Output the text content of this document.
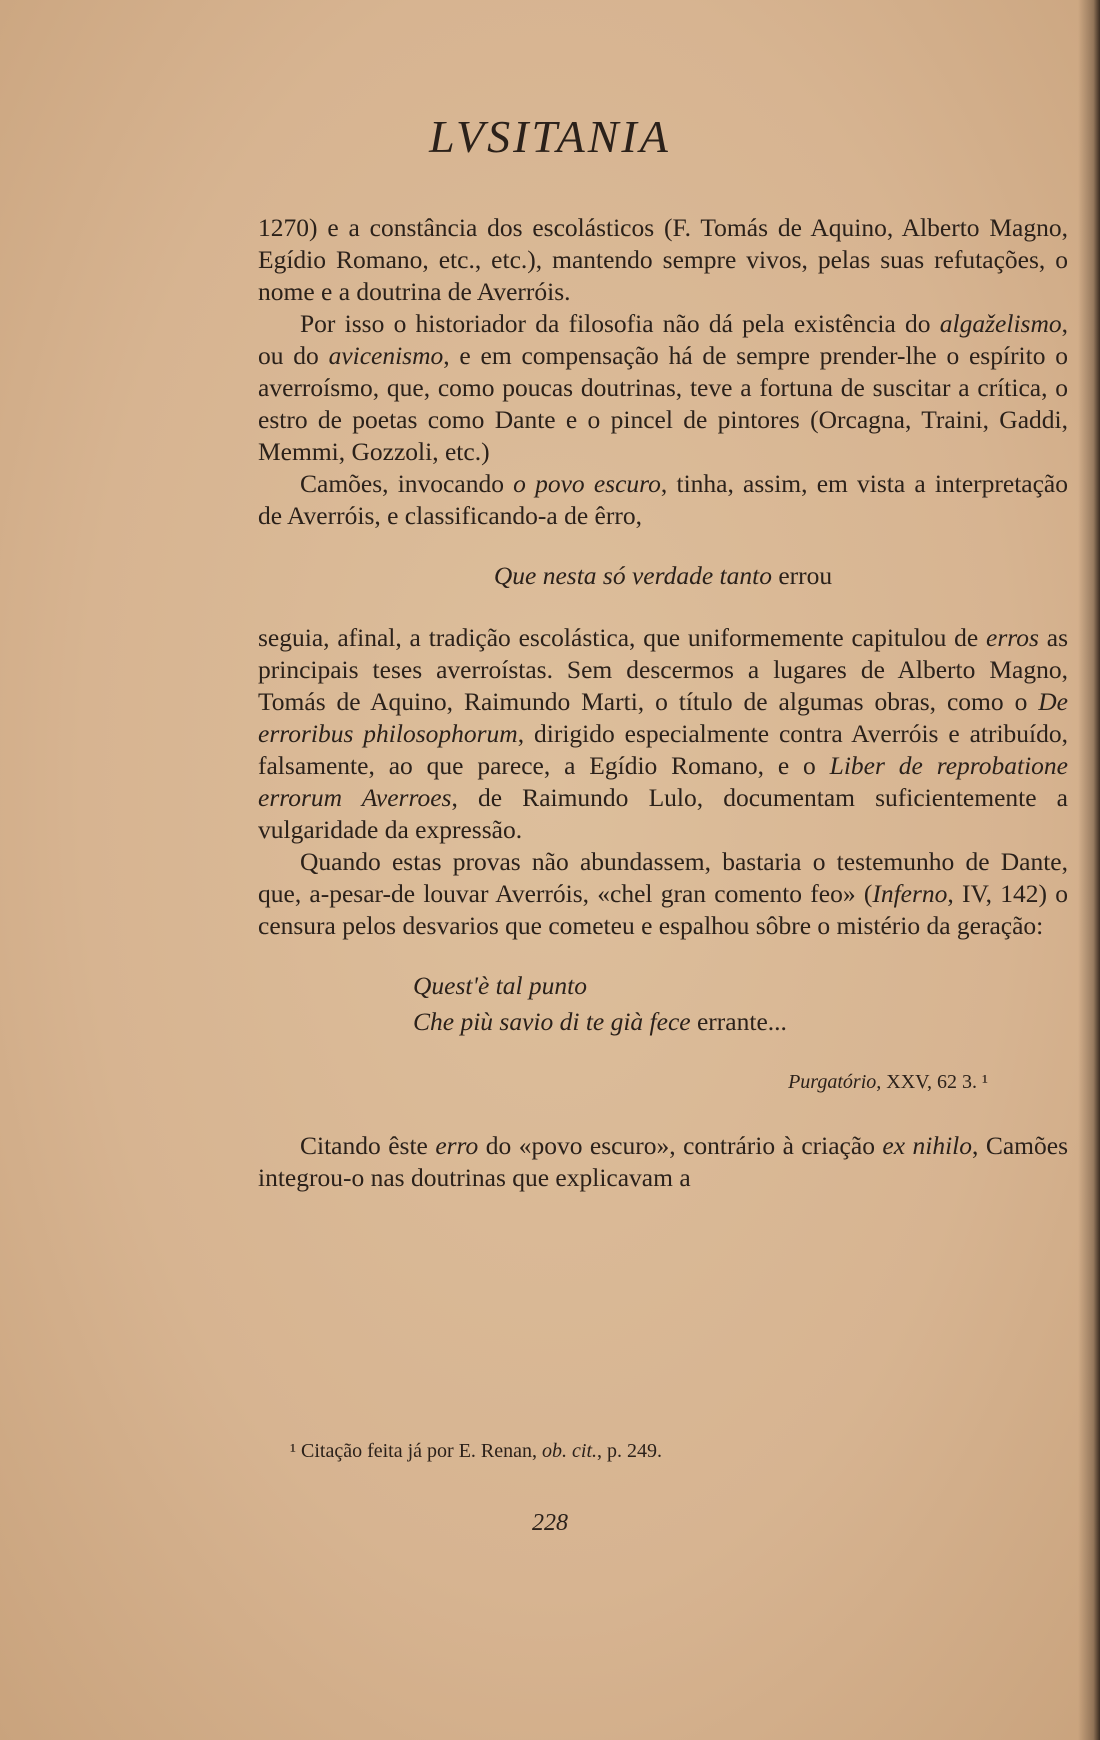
LVSITANIA

1270) e a constância dos escolásticos (F. Tomás de Aquino, Alberto Magno, Egídio Romano, etc., etc.), mantendo sempre vivos, pelas suas refutações, o nome e a doutrina de Averróis.

Por isso o historiador da filosofia não dá pela existência do algaželismo, ou do avicenismo, e em compensação há de sempre prender-lhe o espírito o averroísmo, que, como poucas doutrinas, teve a fortuna de suscitar a crítica, o estro de poetas como Dante e o pincel de pintores (Orcagna, Traini, Gaddi, Memmi, Gozzoli, etc.)

Camões, invocando o povo escuro, tinha, assim, em vista a interpretação de Averróis, e classificando-a de êrro,

Que nesta só verdade tanto errou

seguia, afinal, a tradição escolástica, que uniformemente capitulou de erros as principais teses averroístas. Sem descermos a lugares de Alberto Magno, Tomás de Aquino, Raimundo Marti, o título de algumas obras, como o De erroribus philosophorum, dirigido especialmente contra Averróis e atribuído, falsamente, ao que parece, a Egídio Romano, e o Liber de reprobatione errorum Averroes, de Raimundo Lulo, documentam suficientemente a vulgaridade da expressão.

Quando estas provas não abundassem, bastaria o testemunho de Dante, que, a-pesar-de louvar Averróis, «chel gran comento feo» (Inferno, IV, 142) o censura pelos desvarios que cometeu e espalhou sôbre o mistério da geração:

Quest'è tal punto
Che più savio di te già fece errante...

Purgatório, XXV, 62 3. ¹

Citando êste erro do «povo escuro», contrário à criação ex nihilo, Camões integrou-o nas doutrinas que explicavam a

¹ Citação feita já por E. Renan, ob. cit., p. 249.
228
